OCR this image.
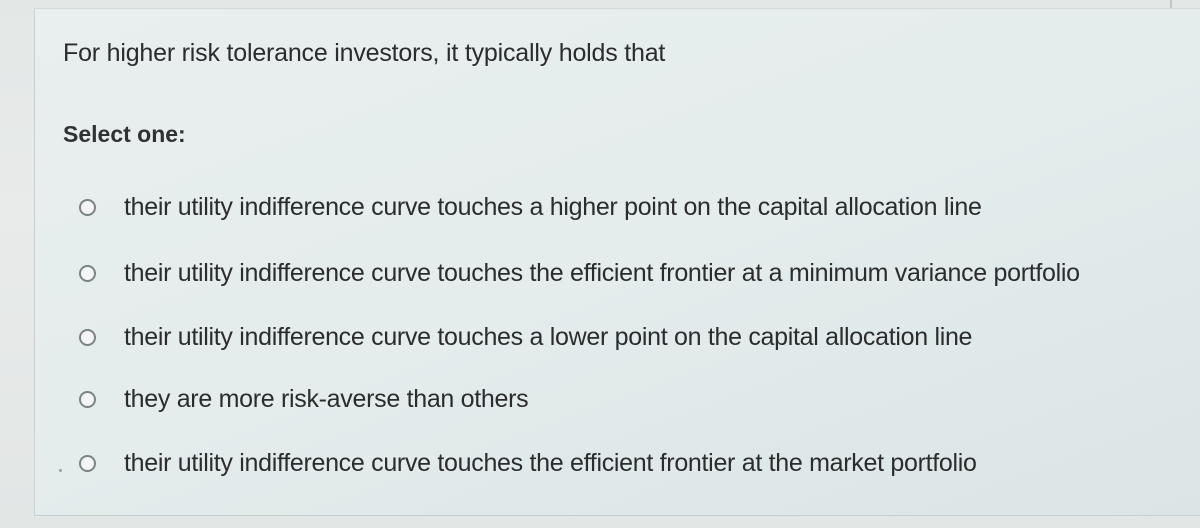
For higher risk tolerance investors, it typically holds that
Select one:
their utility indifference curve touches a higher point on the capital allocation line
their utility indifference curve touches the efficient frontier at a minimum variance portfolio
their utility indifference curve touches a lower point on the capital allocation line
they are more risk-averse than others
their utility indifference curve touches the efficient frontier at the market portfolio
